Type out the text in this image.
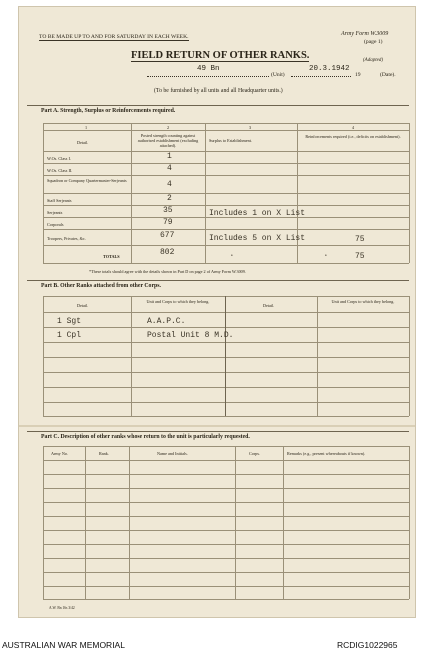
TO BE MADE UP TO AND FOR SATURDAY IN EACH WEEK.	Army Form W.3009
(page 1)
(Adapted)
FIELD RETURN OF OTHER RANKS.
49 Bn
(Unit)
20.3.1942
19	(Date).
(To be furnished by all units and all Headquarter units.)
Part A. Strength, Surplus or Reinforcements required.
1	2	3	4
Detail.
Posted strength counting against authorised establishment (excluding attached).
Surplus to Establishment.
Reinforcements required (i.e., deficits on establishment).
W.Os. Class I.	1
W.Os. Class II.	4
Squadron or Company Quartermaster-Serjeants	4
Staff Serjeants	2
Serjeants	35	Includes 1 on X List
Corporals	79
Troopers, Privates, &c.	677	Includes 5 on X List	75
TOTALS	802	•	•	75
*These totals should agree with the details shown in Part D on page 2 of Army Form W.3009.
Part B. Other Ranks attached from other Corps.
Detail.
Unit and Corps to which they belong.
Detail.
Unit and Corps to which they belong.
1 Sgt	A.A.P.C.
1 Cpl	Postal Unit 8 M.D.
Part C. Description of other ranks whose return to the unit is particularly requested.
Army No.	Rank.	Name and Initials.	Corps.	Remarks (e.g., present whereabouts if known).
A.W. Bn 16s 3/42
AUSTRALIAN WAR MEMORIAL	RCDIG1022965
